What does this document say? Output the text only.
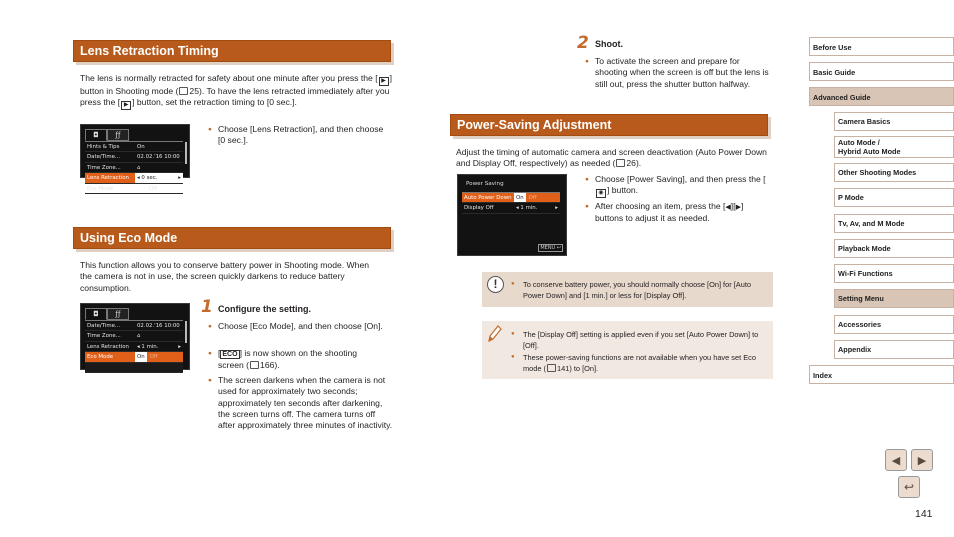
Lens Retraction Timing
The lens is normally retracted for safety about one minute after you press the [ ▶ ] button in Shooting mode ( 25). To have the lens retracted immediately after you press the [ ▶ ] button, set the retraction timing to [0 sec.].
◘	ƒƒ
Hints & Tips	On
Date/Time...	02.02.'16 10:00
Time Zone...	⌂
Lens Retraction	◂ 0 sec.	▸
Eco Mode	Off
● Choose [Lens Retraction], and then choose [0 sec.].
Using Eco Mode
This function allows you to conserve battery power in Shooting mode. When the camera is not in use, the screen quickly darkens to reduce battery consumption.
1 Configure the setting.
◘	ƒƒ
Date/Time...	02.02.'16 10:00
Time Zone...	⌂
Lens Retraction	◂ 1 min.	▸
Eco Mode	On Off
● Choose [Eco Mode], and then choose [On].
● [ ECO ] is now shown on the shooting screen ( 166).
● The screen darkens when the camera is not used for approximately two seconds; approximately ten seconds after darkening, the screen turns off. The camera turns off after approximately three minutes of inactivity.
2 Shoot.
● To activate the screen and prepare for shooting when the screen is off but the lens is still out, press the shutter button halfway.
Power-Saving Adjustment
Adjust the timing of automatic camera and screen deactivation (Auto Power Down and Display Off, respectively) as needed ( 26).
Power Saving
Auto Power Down On Off
Display Off	◂ 1 min.	▸
MENU ↩
● Choose [Power Saving], and then press the [◉ ] button.
● After choosing an item, press the [◀][▶] buttons to adjust it as needed.
!
●	To conserve battery power, you should normally choose [On] for [Auto Power Down] and [1 min.] or less for [Display Off].
● The [Display Off] setting is applied even if you set [Auto Power Down] to [Off].
● These power-saving functions are not available when you have set Eco mode ( 141) to [On].
Before Use
Basic Guide
Advanced Guide
Camera Basics
Auto Mode /
Hybrid Auto Mode
Other Shooting Modes
P Mode
Tv, Av, and M Mode
Playback Mode
Wi-Fi Functions
Setting Menu
Accessories
Appendix
Index
◀ ▶
↩
141
